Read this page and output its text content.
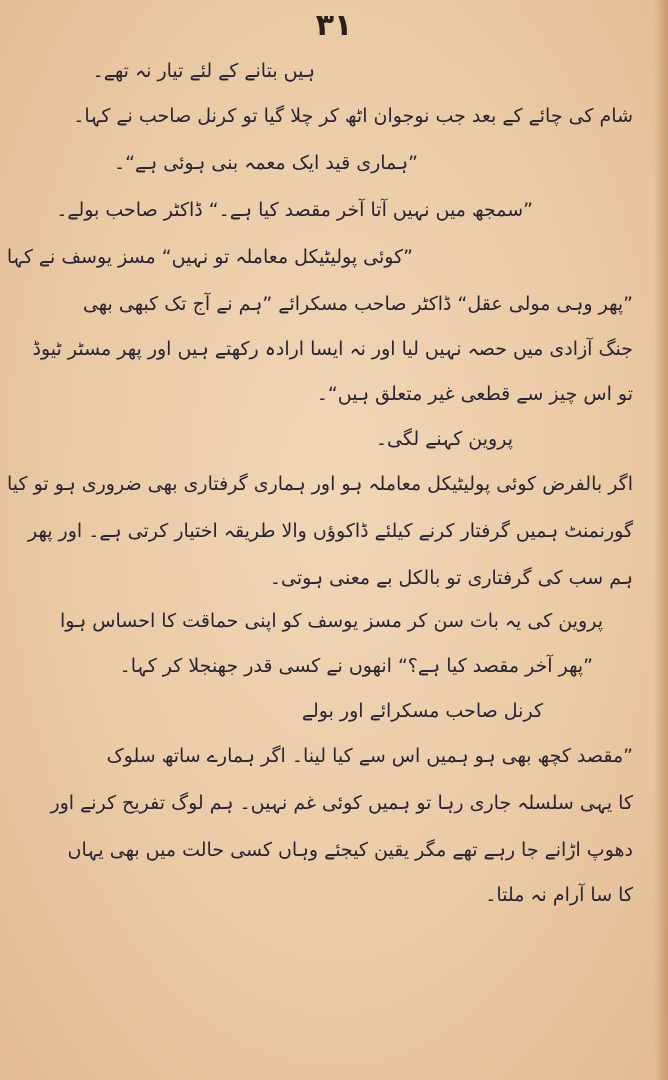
۳۱
ہیں بتانے کے لئے تیار نہ تھے۔
شام کی چائے کے بعد جب نوجوان اٹھ کر چلا گیا تو کرنل صاحب نے کہا۔
”ہماری قید ایک معمہ بنی ہوئی ہے“۔
”سمجھ میں نہیں آتا آخر مقصد کیا ہے۔“ ڈاکٹر صاحب بولے۔
”کوئی پولیٹیکل معاملہ تو نہیں“ مسز یوسف نے کہا
”پھر وہی مولی عقل“ ڈاکٹر صاحب مسکرائے ”ہم نے آج تک کبھی بھی
جنگ آزادی میں حصہ نہیں لیا اور نہ ایسا ارادہ رکھتے ہیں اور پھر مسٹر ٹیوڈ
تو اس چیز سے قطعی غیر متعلق ہیں“۔
پروین کہنے لگی۔
اگر بالفرض کوئی پولیٹیکل معاملہ ہو اور ہماری گرفتاری بھی ضروری ہو تو کیا
گورنمنٹ ہمیں گرفتار کرنے کیلئے ڈاکوؤں والا طریقہ اختیار کرتی ہے۔ اور پھر
ہم سب کی گرفتاری تو بالکل بے معنی ہوتی۔
پروین کی یہ بات سن کر مسز یوسف کو اپنی حماقت کا احساس ہوا
”پھر آخر مقصد کیا ہے؟“ انھوں نے کسی قدر جھنجلا کر کہا۔
کرنل صاحب مسکرائے اور بولے
”مقصد کچھ بھی ہو ہمیں اس سے کیا لینا۔ اگر ہمارے ساتھ سلوک
کا یہی سلسلہ جاری رہا تو ہمیں کوئی غم نہیں۔ ہم لوگ تفریح کرنے اور
دھوپ اڑانے جا رہے تھے مگر یقین کیجئے وہاں کسی حالت میں بھی یہاں
کا سا آرام نہ ملتا۔
